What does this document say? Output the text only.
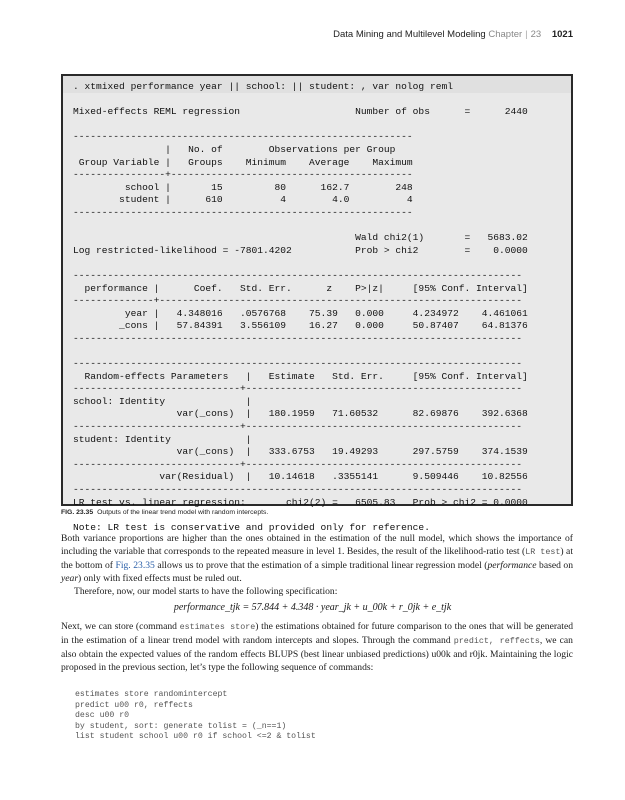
Data Mining and Multilevel Modeling Chapter | 23 1021
. xtmixed performance year || school: || student: , var nolog reml

Mixed-effects REML regression                    Number of obs      =      2440

-----------------------------------------------------------
|   No. of        Observations per Group
Group Variable |   Groups    Minimum    Average    Maximum
----------------+------------------------------------------
school |       15         80      162.7        248
student |      610          4        4.0          4
-----------------------------------------------------------

Wald chi2(1)       =   5683.02
Log restricted-likelihood = -7801.4202           Prob > chi2        =    0.0000

------------------------------------------------------------------------------
performance |      Coef.   Std. Err.      z    P>|z|     [95% Conf. Interval]
--------------+---------------------------------------------------------------
year |   4.348016   .0576768    75.39   0.000     4.234972    4.461061
_cons |   57.84391   3.556109    16.27   0.000     50.87407    64.81376
------------------------------------------------------------------------------

------------------------------------------------------------------------------
Random-effects Parameters   |   Estimate   Std. Err.     [95% Conf. Interval]
-----------------------------+------------------------------------------------
school: Identity              |
var(_cons)  |   180.1959   71.60532      82.69876    392.6368
-----------------------------+------------------------------------------------
student: Identity             |
var(_cons)  |   333.6753   19.49293      297.5759    374.1539
-----------------------------+------------------------------------------------
var(Residual)  |   10.14618   .3355141      9.509446    10.82556
------------------------------------------------------------------------------
LR test vs. linear regression:       chi2(2) =   6505.83   Prob > chi2 = 0.0000

Note: LR test is conservative and provided only for reference.
FIG. 23.35 Outputs of the linear trend model with random intercepts.

Both variance proportions are higher than the ones obtained in the estimation of the null model, which shows the importance of including the variable that corresponds to the repeated measure in level 1. Besides, the result of the likelihood-ratio test (LR test) at the bottom of Fig. 23.35 allows us to prove that the estimation of a simple traditional linear regression model (performance based on year) only with fixed effects must be ruled out.

Therefore, now, our model starts to have the following specification:

performance_tjk = 57.844 + 4.348 · year_jk + u_00k + r_0jk + e_tjk

Next, we can store (command estimates store) the estimations obtained for future comparison to the ones that will be generated in the estimation of a linear trend model with random intercepts and slopes. Through the command predict, reffects, we can also obtain the expected values of the random effects BLUPS (best linear unbiased predictions) u00k and r0jk. Maintaining the logic proposed in the previous section, let’s type the following sequence of commands:

estimates store randomintercept
predict u00 r0, reffects
desc u00 r0
by student, sort: generate tolist = (_n==1)
list student school u00 r0 if school <=2 & tolist
